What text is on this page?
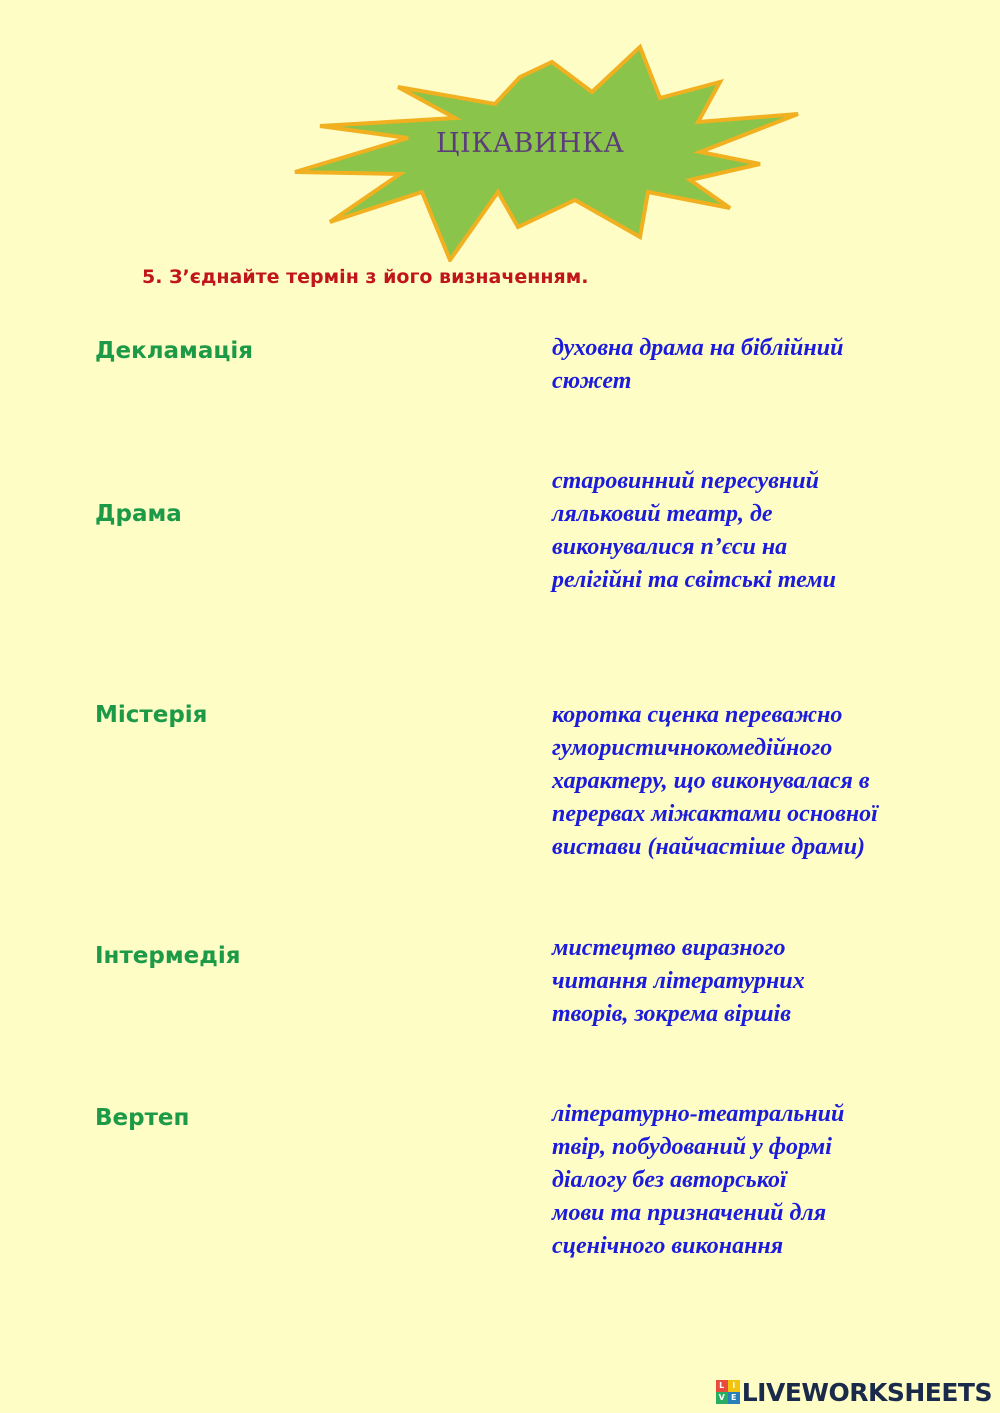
ЦІКАВИНКА
5. З’єднайте термін з його визначенням.
Декламація
Драма
Містерія
Інтермедія
Вертеп
духовна драма на біблійний
сюжет
старовинний пересувний
ляльковий театр, де
виконувалися п’єси на
релігійні та світські теми
коротка сценка переважно
гумористичнокомедійного
характеру, що виконувалася в
перервах міжактами основної
вистави (найчастіше драми)
мистецтво виразного
читання літературних
творів, зокрема віршів
літературно-театральний
твір, побудований у формі
діалогу без авторської
мови та призначений для
сценічного виконання
L I
V E LIVEWORKSHEETS
